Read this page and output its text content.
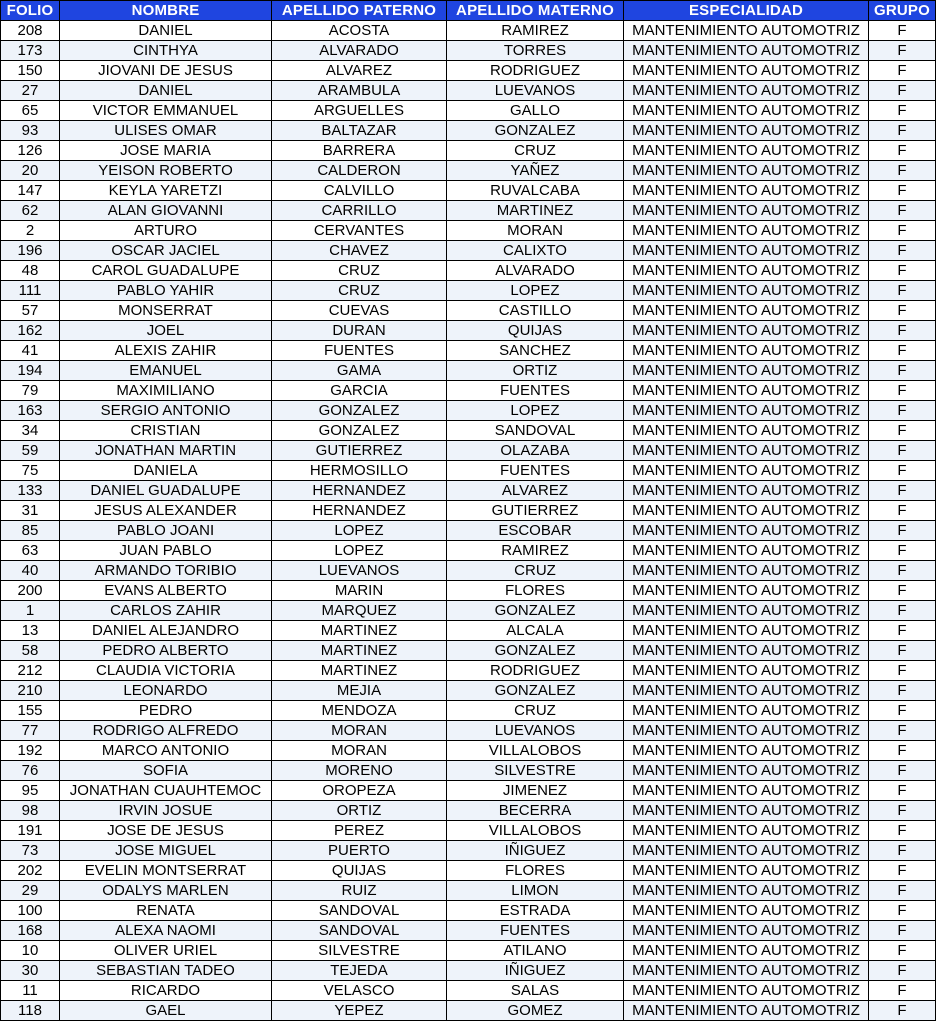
FOLIO	NOMBRE	APELLIDO PATERNO	APELLIDO MATERNO	ESPECIALIDAD	GRUPO
208	DANIEL	ACOSTA	RAMIREZ	MANTENIMIENTO AUTOMOTRIZ	F
173	CINTHYA	ALVARADO	TORRES	MANTENIMIENTO AUTOMOTRIZ	F
150	JIOVANI DE JESUS	ALVAREZ	RODRIGUEZ	MANTENIMIENTO AUTOMOTRIZ	F
27	DANIEL	ARAMBULA	LUEVANOS	MANTENIMIENTO AUTOMOTRIZ	F
65	VICTOR EMMANUEL	ARGUELLES	GALLO	MANTENIMIENTO AUTOMOTRIZ	F
93	ULISES OMAR	BALTAZAR	GONZALEZ	MANTENIMIENTO AUTOMOTRIZ	F
126	JOSE MARIA	BARRERA	CRUZ	MANTENIMIENTO AUTOMOTRIZ	F
20	YEISON ROBERTO	CALDERON	YAÑEZ	MANTENIMIENTO AUTOMOTRIZ	F
147	KEYLA YARETZI	CALVILLO	RUVALCABA	MANTENIMIENTO AUTOMOTRIZ	F
62	ALAN GIOVANNI	CARRILLO	MARTINEZ	MANTENIMIENTO AUTOMOTRIZ	F
2	ARTURO	CERVANTES	MORAN	MANTENIMIENTO AUTOMOTRIZ	F
196	OSCAR JACIEL	CHAVEZ	CALIXTO	MANTENIMIENTO AUTOMOTRIZ	F
48	CAROL GUADALUPE	CRUZ	ALVARADO	MANTENIMIENTO AUTOMOTRIZ	F
111	PABLO YAHIR	CRUZ	LOPEZ	MANTENIMIENTO AUTOMOTRIZ	F
57	MONSERRAT	CUEVAS	CASTILLO	MANTENIMIENTO AUTOMOTRIZ	F
162	JOEL	DURAN	QUIJAS	MANTENIMIENTO AUTOMOTRIZ	F
41	ALEXIS ZAHIR	FUENTES	SANCHEZ	MANTENIMIENTO AUTOMOTRIZ	F
194	EMANUEL	GAMA	ORTIZ	MANTENIMIENTO AUTOMOTRIZ	F
79	MAXIMILIANO	GARCIA	FUENTES	MANTENIMIENTO AUTOMOTRIZ	F
163	SERGIO ANTONIO	GONZALEZ	LOPEZ	MANTENIMIENTO AUTOMOTRIZ	F
34	CRISTIAN	GONZALEZ	SANDOVAL	MANTENIMIENTO AUTOMOTRIZ	F
59	JONATHAN MARTIN	GUTIERREZ	OLAZABA	MANTENIMIENTO AUTOMOTRIZ	F
75	DANIELA	HERMOSILLO	FUENTES	MANTENIMIENTO AUTOMOTRIZ	F
133	DANIEL GUADALUPE	HERNANDEZ	ALVAREZ	MANTENIMIENTO AUTOMOTRIZ	F
31	JESUS ALEXANDER	HERNANDEZ	GUTIERREZ	MANTENIMIENTO AUTOMOTRIZ	F
85	PABLO JOANI	LOPEZ	ESCOBAR	MANTENIMIENTO AUTOMOTRIZ	F
63	JUAN PABLO	LOPEZ	RAMIREZ	MANTENIMIENTO AUTOMOTRIZ	F
40	ARMANDO TORIBIO	LUEVANOS	CRUZ	MANTENIMIENTO AUTOMOTRIZ	F
200	EVANS ALBERTO	MARIN	FLORES	MANTENIMIENTO AUTOMOTRIZ	F
1	CARLOS ZAHIR	MARQUEZ	GONZALEZ	MANTENIMIENTO AUTOMOTRIZ	F
13	DANIEL ALEJANDRO	MARTINEZ	ALCALA	MANTENIMIENTO AUTOMOTRIZ	F
58	PEDRO ALBERTO	MARTINEZ	GONZALEZ	MANTENIMIENTO AUTOMOTRIZ	F
212	CLAUDIA VICTORIA	MARTINEZ	RODRIGUEZ	MANTENIMIENTO AUTOMOTRIZ	F
210	LEONARDO	MEJIA	GONZALEZ	MANTENIMIENTO AUTOMOTRIZ	F
155	PEDRO	MENDOZA	CRUZ	MANTENIMIENTO AUTOMOTRIZ	F
77	RODRIGO ALFREDO	MORAN	LUEVANOS	MANTENIMIENTO AUTOMOTRIZ	F
192	MARCO ANTONIO	MORAN	VILLALOBOS	MANTENIMIENTO AUTOMOTRIZ	F
76	SOFIA	MORENO	SILVESTRE	MANTENIMIENTO AUTOMOTRIZ	F
95	JONATHAN CUAUHTEMOC	OROPEZA	JIMENEZ	MANTENIMIENTO AUTOMOTRIZ	F
98	IRVIN JOSUE	ORTIZ	BECERRA	MANTENIMIENTO AUTOMOTRIZ	F
191	JOSE DE JESUS	PEREZ	VILLALOBOS	MANTENIMIENTO AUTOMOTRIZ	F
73	JOSE MIGUEL	PUERTO	IÑIGUEZ	MANTENIMIENTO AUTOMOTRIZ	F
202	EVELIN MONTSERRAT	QUIJAS	FLORES	MANTENIMIENTO AUTOMOTRIZ	F
29	ODALYS MARLEN	RUIZ	LIMON	MANTENIMIENTO AUTOMOTRIZ	F
100	RENATA	SANDOVAL	ESTRADA	MANTENIMIENTO AUTOMOTRIZ	F
168	ALEXA NAOMI	SANDOVAL	FUENTES	MANTENIMIENTO AUTOMOTRIZ	F
10	OLIVER URIEL	SILVESTRE	ATILANO	MANTENIMIENTO AUTOMOTRIZ	F
30	SEBASTIAN TADEO	TEJEDA	IÑIGUEZ	MANTENIMIENTO AUTOMOTRIZ	F
11	RICARDO	VELASCO	SALAS	MANTENIMIENTO AUTOMOTRIZ	F
118	GAEL	YEPEZ	GOMEZ	MANTENIMIENTO AUTOMOTRIZ	F
